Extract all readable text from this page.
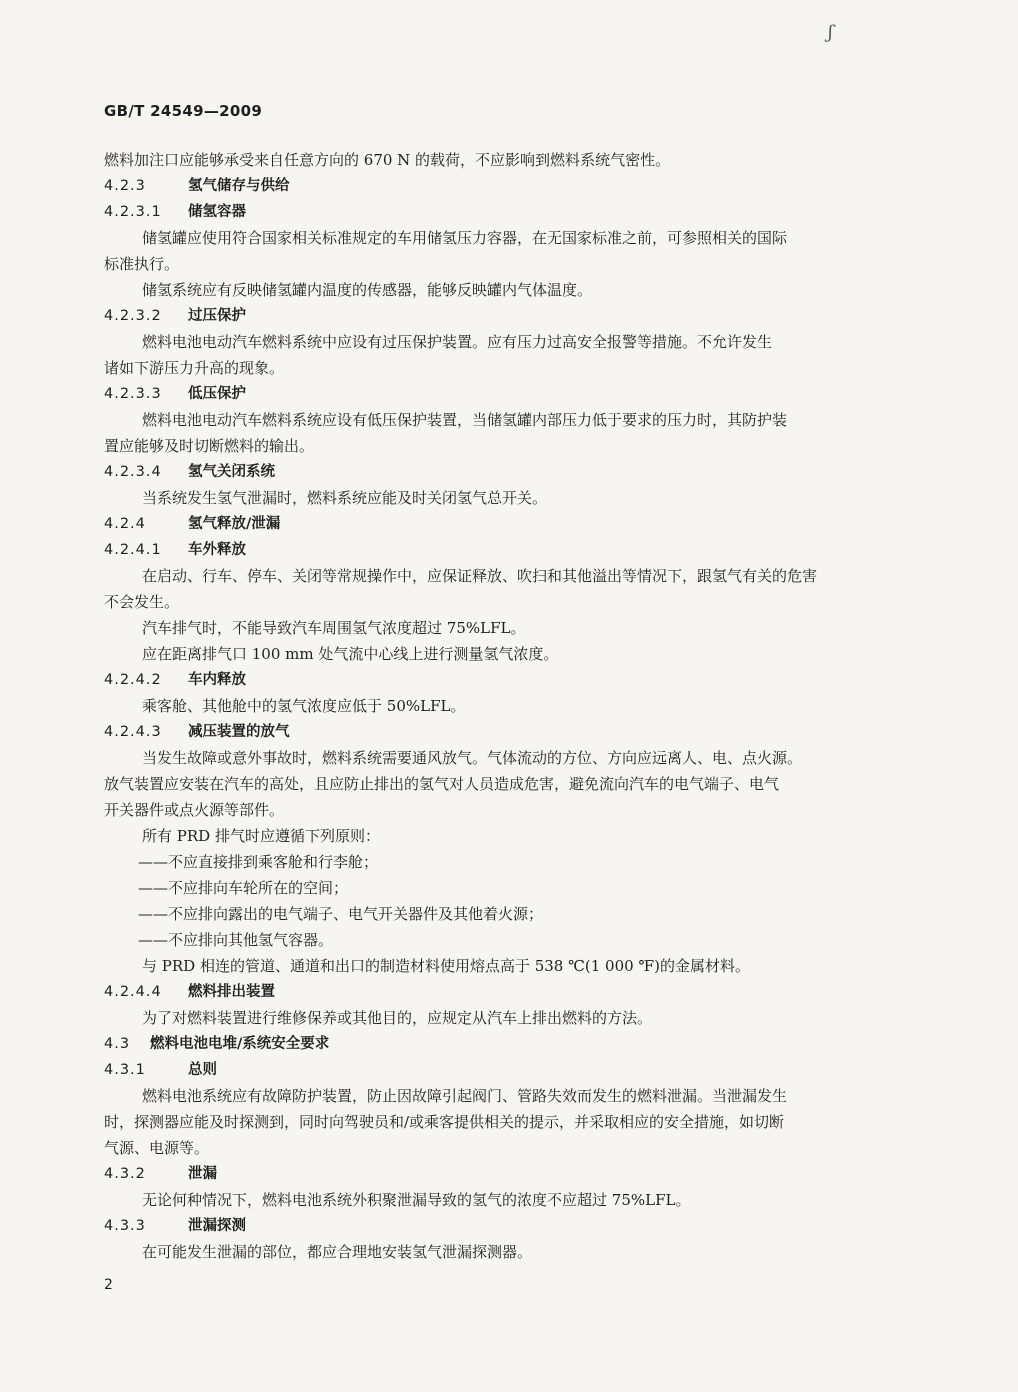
ʃ
GB/T 24549—2009
燃料加注口应能够承受来自任意方向的 670 N 的载荷，不应影响到燃料系统气密性。
4.2.3	氢气储存与供给
4.2.3.1 储氢容器
储氢罐应使用符合国家相关标准规定的车用储氢压力容器，在无国家标准之前，可参照相关的国际
标准执行。
储氢系统应有反映储氢罐内温度的传感器，能够反映罐内气体温度。
4.2.3.2 过压保护
燃料电池电动汽车燃料系统中应设有过压保护装置。应有压力过高安全报警等措施。不允许发生
诸如下游压力升高的现象。
4.2.3.3 低压保护
燃料电池电动汽车燃料系统应设有低压保护装置，当储氢罐内部压力低于要求的压力时，其防护装
置应能够及时切断燃料的输出。
4.2.3.4 氢气关闭系统
当系统发生氢气泄漏时，燃料系统应能及时关闭氢气总开关。
4.2.4	氢气释放/泄漏
4.2.4.1 车外释放
在启动、行车、停车、关闭等常规操作中，应保证释放、吹扫和其他溢出等情况下，跟氢气有关的危害
不会发生。
汽车排气时，不能导致汽车周围氢气浓度超过 75%LFL。
应在距离排气口 100 mm 处气流中心线上进行测量氢气浓度。
4.2.4.2 车内释放
乘客舱、其他舱中的氢气浓度应低于 50%LFL。
4.2.4.3 减压装置的放气
当发生故障或意外事故时，燃料系统需要通风放气。气体流动的方位、方向应远离人、电、点火源。
放气装置应安装在汽车的高处，且应防止排出的氢气对人员造成危害，避免流向汽车的电气端子、电气
开关器件或点火源等部件。
所有 PRD 排气时应遵循下列原则：
——不应直接排到乘客舱和行李舱；
——不应排向车轮所在的空间；
——不应排向露出的电气端子、电气开关器件及其他着火源；
——不应排向其他氢气容器。
与 PRD 相连的管道、通道和出口的制造材料使用熔点高于 538 ℃(1 000 ℉)的金属材料。
4.2.4.4 燃料排出装置
为了对燃料装置进行维修保养或其他目的，应规定从汽车上排出燃料的方法。
4.3 燃料电池电堆/系统安全要求
4.3.1	总则
燃料电池系统应有故障防护装置，防止因故障引起阀门、管路失效而发生的燃料泄漏。当泄漏发生
时，探测器应能及时探测到，同时向驾驶员和/或乘客提供相关的提示，并采取相应的安全措施，如切断
气源、电源等。
4.3.2	泄漏
无论何种情况下，燃料电池系统外积聚泄漏导致的氢气的浓度不应超过 75%LFL。
4.3.3	泄漏探测
在可能发生泄漏的部位，都应合理地安装氢气泄漏探测器。
2
